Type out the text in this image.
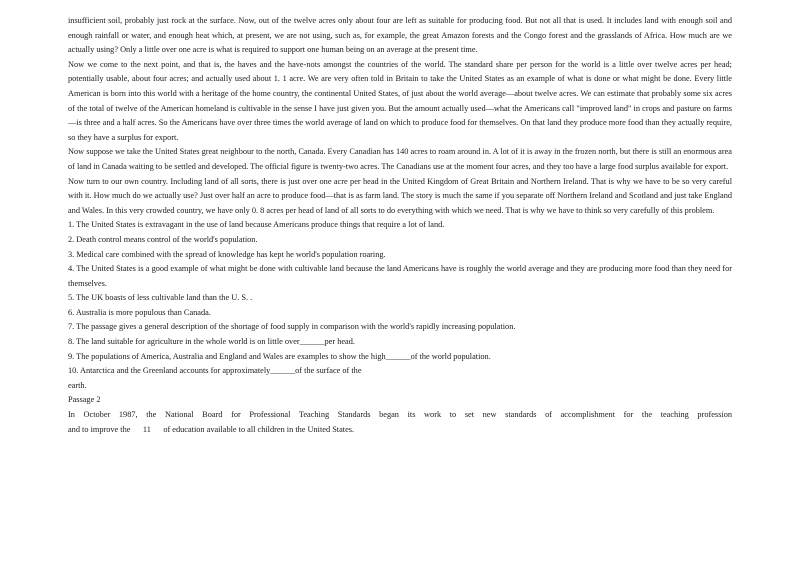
insufficient soil, probably just rock at the surface. Now, out of the twelve acres only about four are left as suitable for producing food. But not all that is used. It includes land with enough soil and enough rainfall or water, and enough heat which, at present, we are not using, such as, for example, the great Amazon forests and the Congo forest and the grasslands of Africa. How much are we actually using? Only a little over one acre is what is required to support one human being on an average at the present time.

Now we come to the next point, and that is, the haves and the have-nots amongst the countries of the world. The standard share per person for the world is a little over twelve acres per head; potentially usable, about four acres; and actually used about 1. 1 acre. We are very often told in Britain to take the United States as an example of what is done or what might be done. Every little American is born into this world with a heritage of the home country, the continental United States, of just about the world average—about twelve acres. We can estimate that probably some six acres of the total of twelve of the American homeland is cultivable in the sense I have just given you. But the amount actually used—what the Americans call "improved land" in crops and pasture on farms—is three and a half acres. So the Americans have over three times the world average of land on which to produce food for themselves. On that land they produce more food than they actually require, so they have a surplus for export.

Now suppose we take the United States great neighbour to the north, Canada. Every Canadian has 140 acres to roam around in. A lot of it is away in the frozen north, but there is still an enormous area of land in Canada waiting to be settled and developed. The official figure is twenty-two acres. The Canadians use at the moment four acres, and they too have a large food surplus available for export.

Now turn to our own country. Including land of all sorts, there is just over one acre per head in the United Kingdom of Great Britain and Northern Ireland. That is why we have to be so very careful with it. How much do we actually use? Just over half an acre to produce food—that is as farm land. The story is much the same if you separate off Northern Ireland and Scotland and just take England and Wales. In this very crowded country, we have only 0. 8 acres per head of land of all sorts to do everything with which we need. That is why we have to think so very carefully of this problem.

1. The United States is extravagant in the use of land because Americans produce things that require a lot of land.

2. Death control means control of the world's population.

3. Medical care combined with the spread of knowledge has kept he world's population roaring.

4. The United States is a good example of what might be done with cultivable land because the land Americans have is roughly the world average and they are producing more food than they need for themselves.

5. The UK boasts of less cultivable land than the U. S. .

6. Australia is more populous than Canada.

7. The passage gives a general description of the shortage of food supply in comparison with the world's rapidly increasing population.

8. The land suitable for agriculture in the whole world is on little over______per head.

9. The populations of America, Australia and England and Wales are examples to show the high______of the world population.

10. Antarctica and the Greenland accounts for approximately______of the surface of the

earth.

Passage 2

In October 1987, the National Board for Professional Teaching Standards began its work to set new standards of accomplishment for the teaching profession

and to improve the      11      of education available to all children in the United States.
